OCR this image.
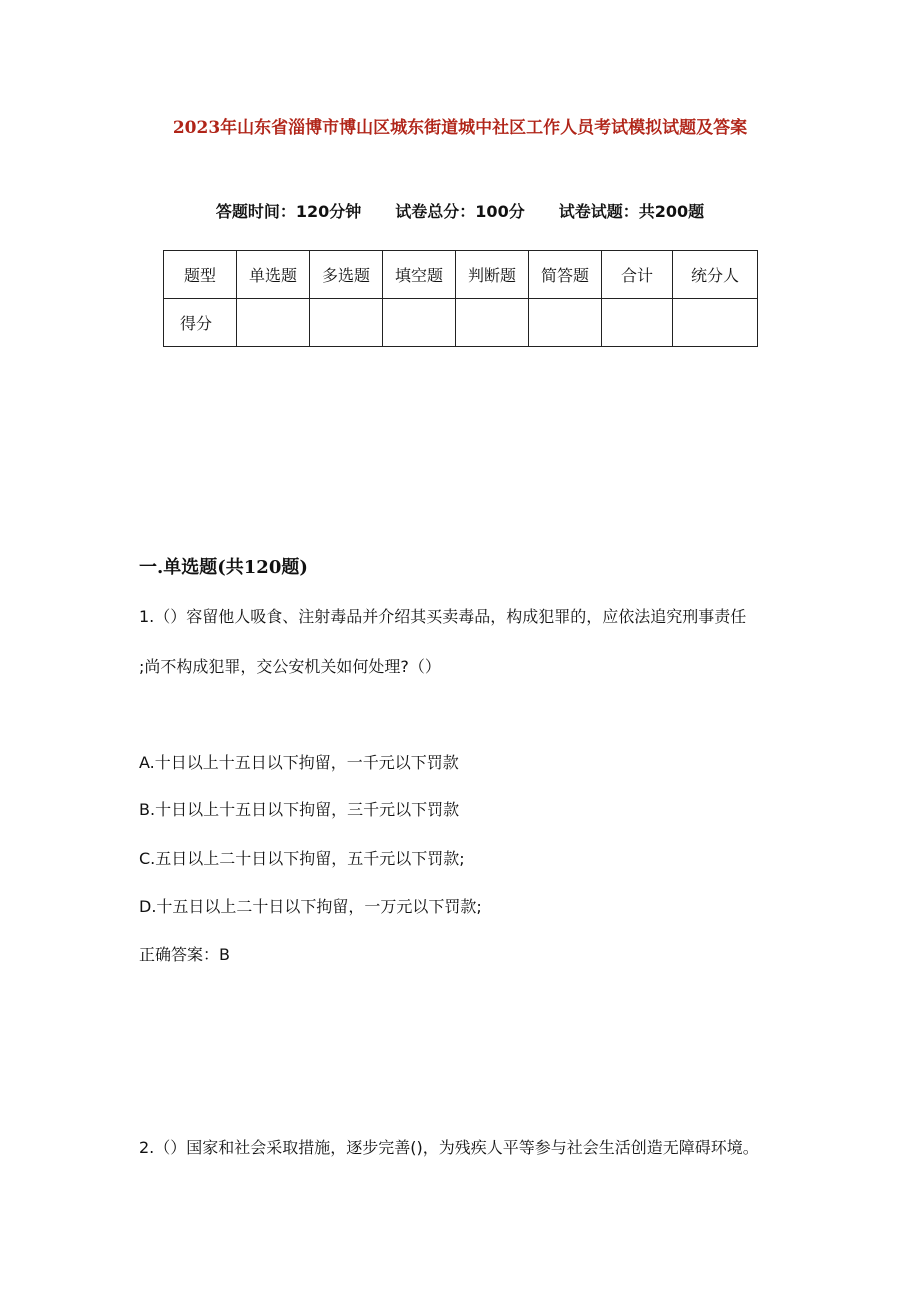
2023年山东省淄博市博山区城东街道城中社区工作人员考试模拟试题及答案
答题时间：120分钟 试卷总分：100分 试卷试题：共200题
题型	单选题	多选题	填空题	判断题	简答题	合计	统分人
得分							
一.单选题(共120题)
1.（）容留他人吸食、注射毒品并介绍其买卖毒品，构成犯罪的，应依法追究刑事责任
;尚不构成犯罪，交公安机关如何处理?（）
A.十日以上十五日以下拘留，一千元以下罚款
B.十日以上十五日以下拘留，三千元以下罚款
C.五日以上二十日以下拘留，五千元以下罚款;
D.十五日以上二十日以下拘留，一万元以下罚款;
正确答案：B
2.（）国家和社会采取措施，逐步完善()，为残疾人平等参与社会生活创造无障碍环境。
